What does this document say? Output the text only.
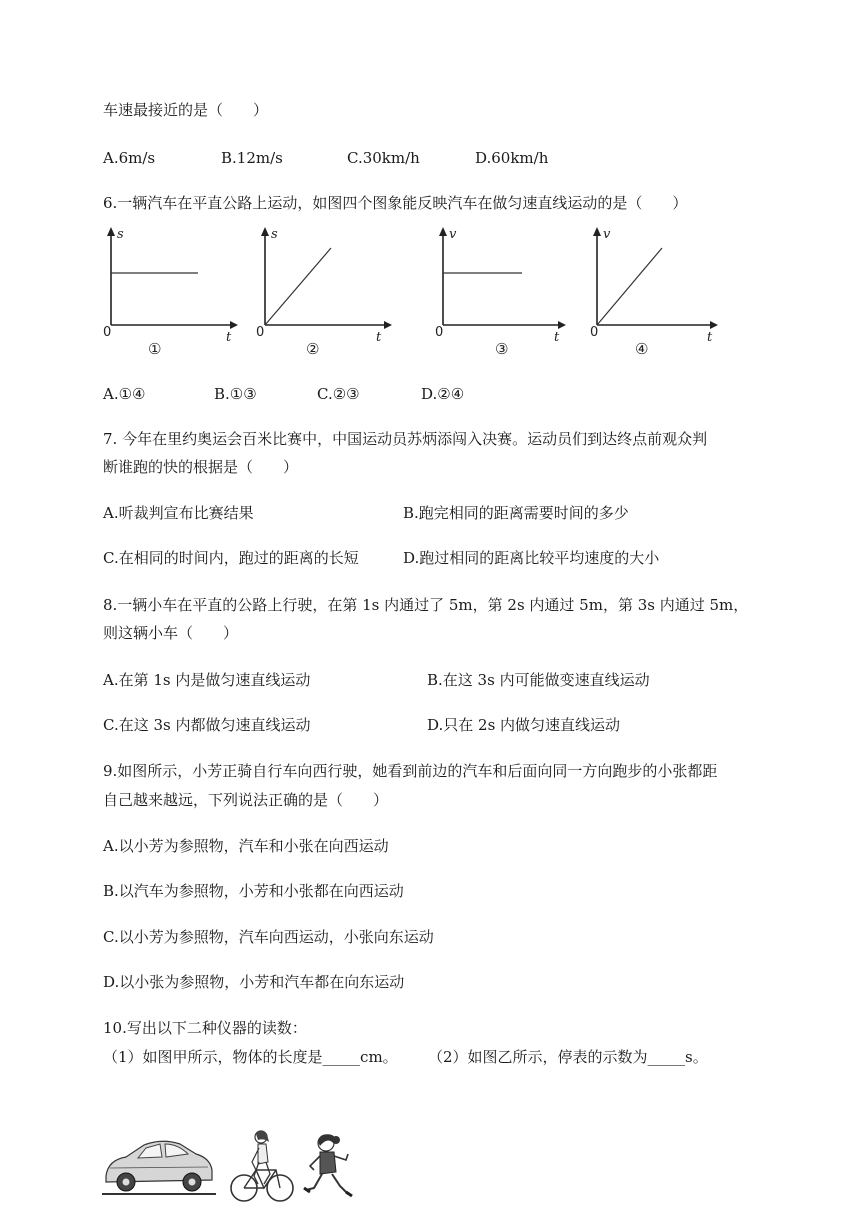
车速最接近的是（　　）
A.6m/s	B.12m/s	C.30km/h	D.60km/h
6.一辆汽车在平直公路上运动，如图四个图象能反映汽车在做匀速直线运动的是（　　）
s
t
0
①
s
t
0
②
v
t
0
③
v
t
0
④
A.①④	B.①③	C.②③	D.②④
7. 今年在里约奥运会百米比赛中，中国运动员苏炳添闯入决赛。运动员们到达终点前观众判
断谁跑的快的根据是（　　）
A.听裁判宣布比赛结果	B.跑完相同的距离需要时间的多少
C.在相同的时间内，跑过的距离的长短	D.跑过相同的距离比较平均速度的大小
8.一辆小车在平直的公路上行驶，在第 1s 内通过了 5m，第 2s 内通过 5m，第 3s 内通过 5m，
则这辆小车（　　）
A.在第 1s 内是做匀速直线运动	B.在这 3s 内可能做变速直线运动
C.在这 3s 内都做匀速直线运动	D.只在 2s 内做匀速直线运动
9.如图所示，小芳正骑自行车向西行驶，她看到前边的汽车和后面向同一方向跑步的小张都距
自己越来越远，下列说法正确的是（　　）
A.以小芳为参照物，汽车和小张在向西运动
B.以汽车为参照物，小芳和小张都在向西运动
C.以小芳为参照物，汽车向西运动，小张向东运动
D.以小张为参照物，小芳和汽车都在向东运动
10.写出以下二种仪器的读数：
（1）如图甲所示，物体的长度是_____cm。 （2）如图乙所示，停表的示数为_____s。
